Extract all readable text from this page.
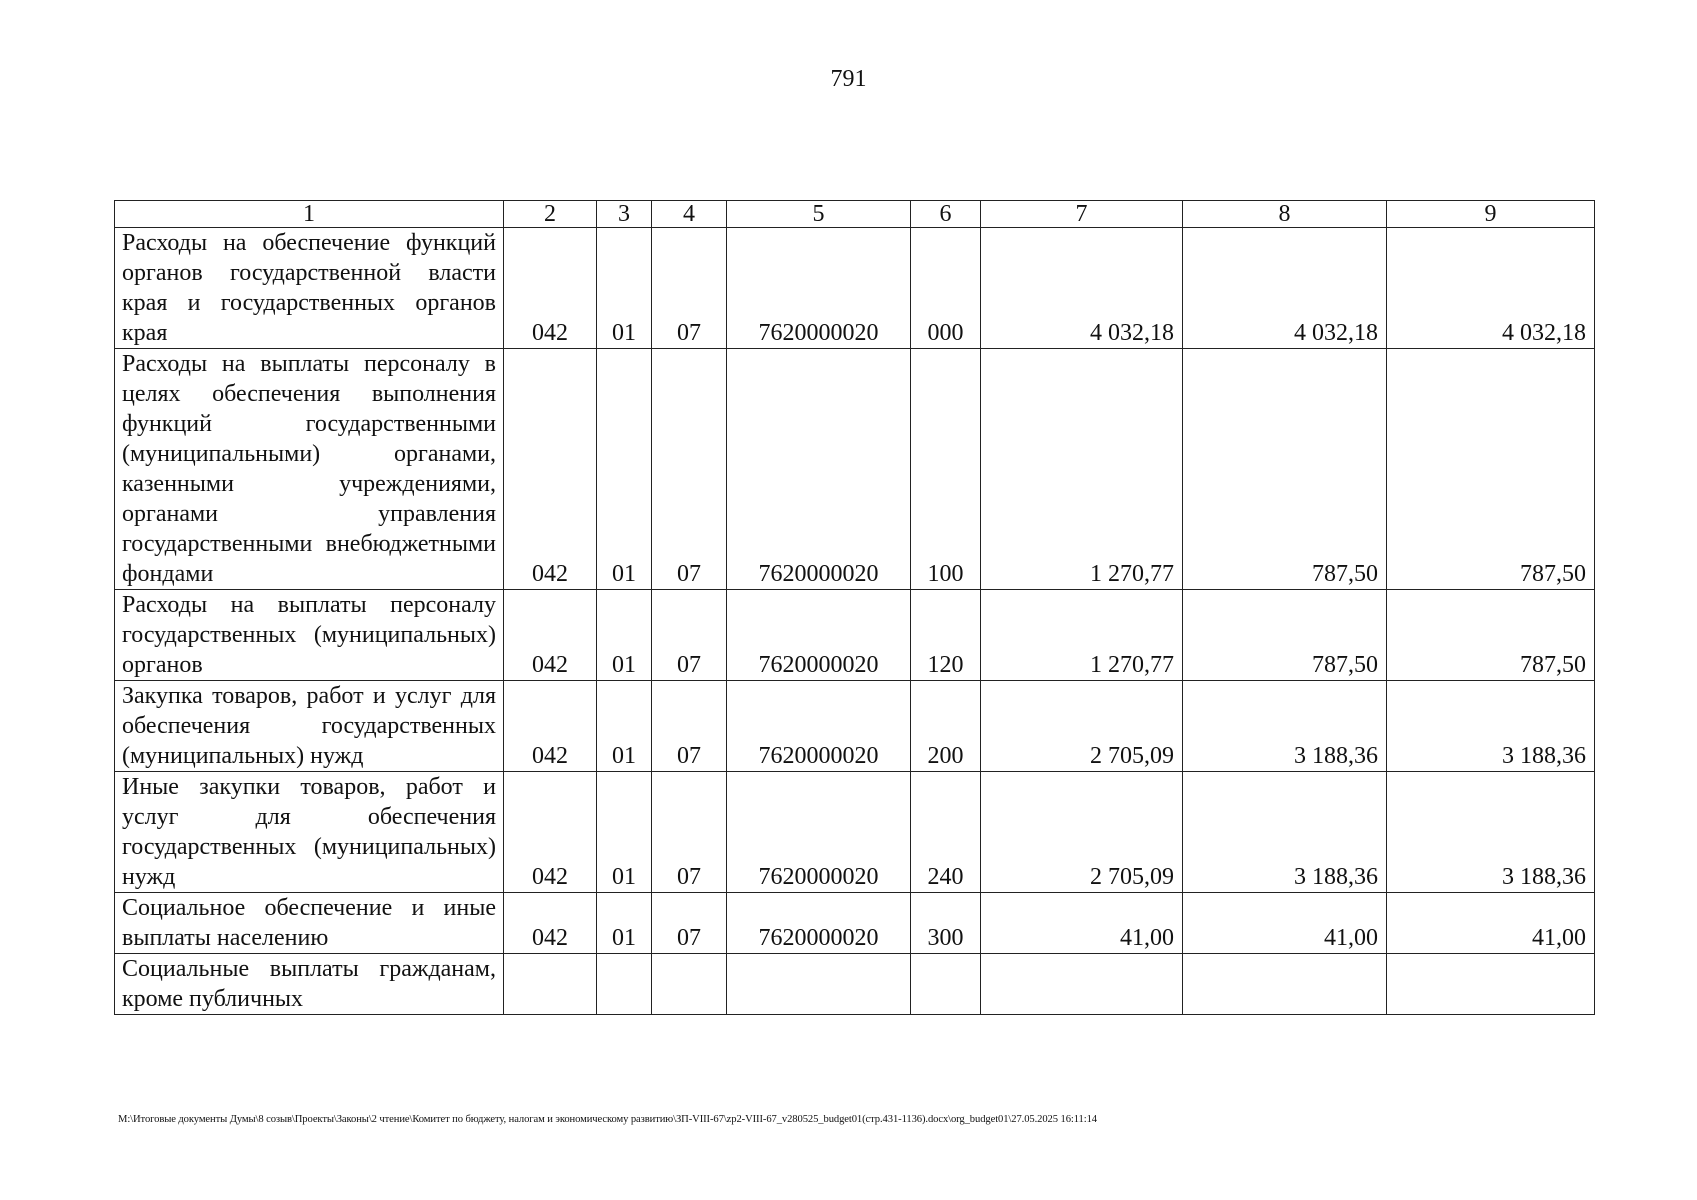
791
1	2	3	4	5	6	7	8	9
Расходы на обеспечение функций органов государственной власти края и государственных органов края	042	01	07	7620000020	000	4 032,18	4 032,18	4 032,18
Расходы на выплаты персоналу в целях обеспечения выполнения функций государственными (муниципальными) органами, казенными учреждениями, органами управления государственными внебюджетными фондами	042	01	07	7620000020	100	1 270,77	787,50	787,50
Расходы на выплаты персоналу государственных (муниципальных) органов	042	01	07	7620000020	120	1 270,77	787,50	787,50
Закупка товаров, работ и услуг для обеспечения государственных (муниципальных) нужд	042	01	07	7620000020	200	2 705,09	3 188,36	3 188,36
Иные закупки товаров, работ и услуг для обеспечения государственных (муниципальных) нужд	042	01	07	7620000020	240	2 705,09	3 188,36	3 188,36
Социальное обеспечение и иные выплаты населению	042	01	07	7620000020	300	41,00	41,00	41,00
Социальные выплаты гражданам, кроме публичных								
M:\Итоговые документы Думы\8 созыв\Проекты\Законы\2 чтение\Комитет по бюджету, налогам и экономическому развитию\ЗП-VIII-67\zp2-VIII-67_v280525_budget01(стр.431-1136).docx\org_budget01\27.05.2025 16:11:14
